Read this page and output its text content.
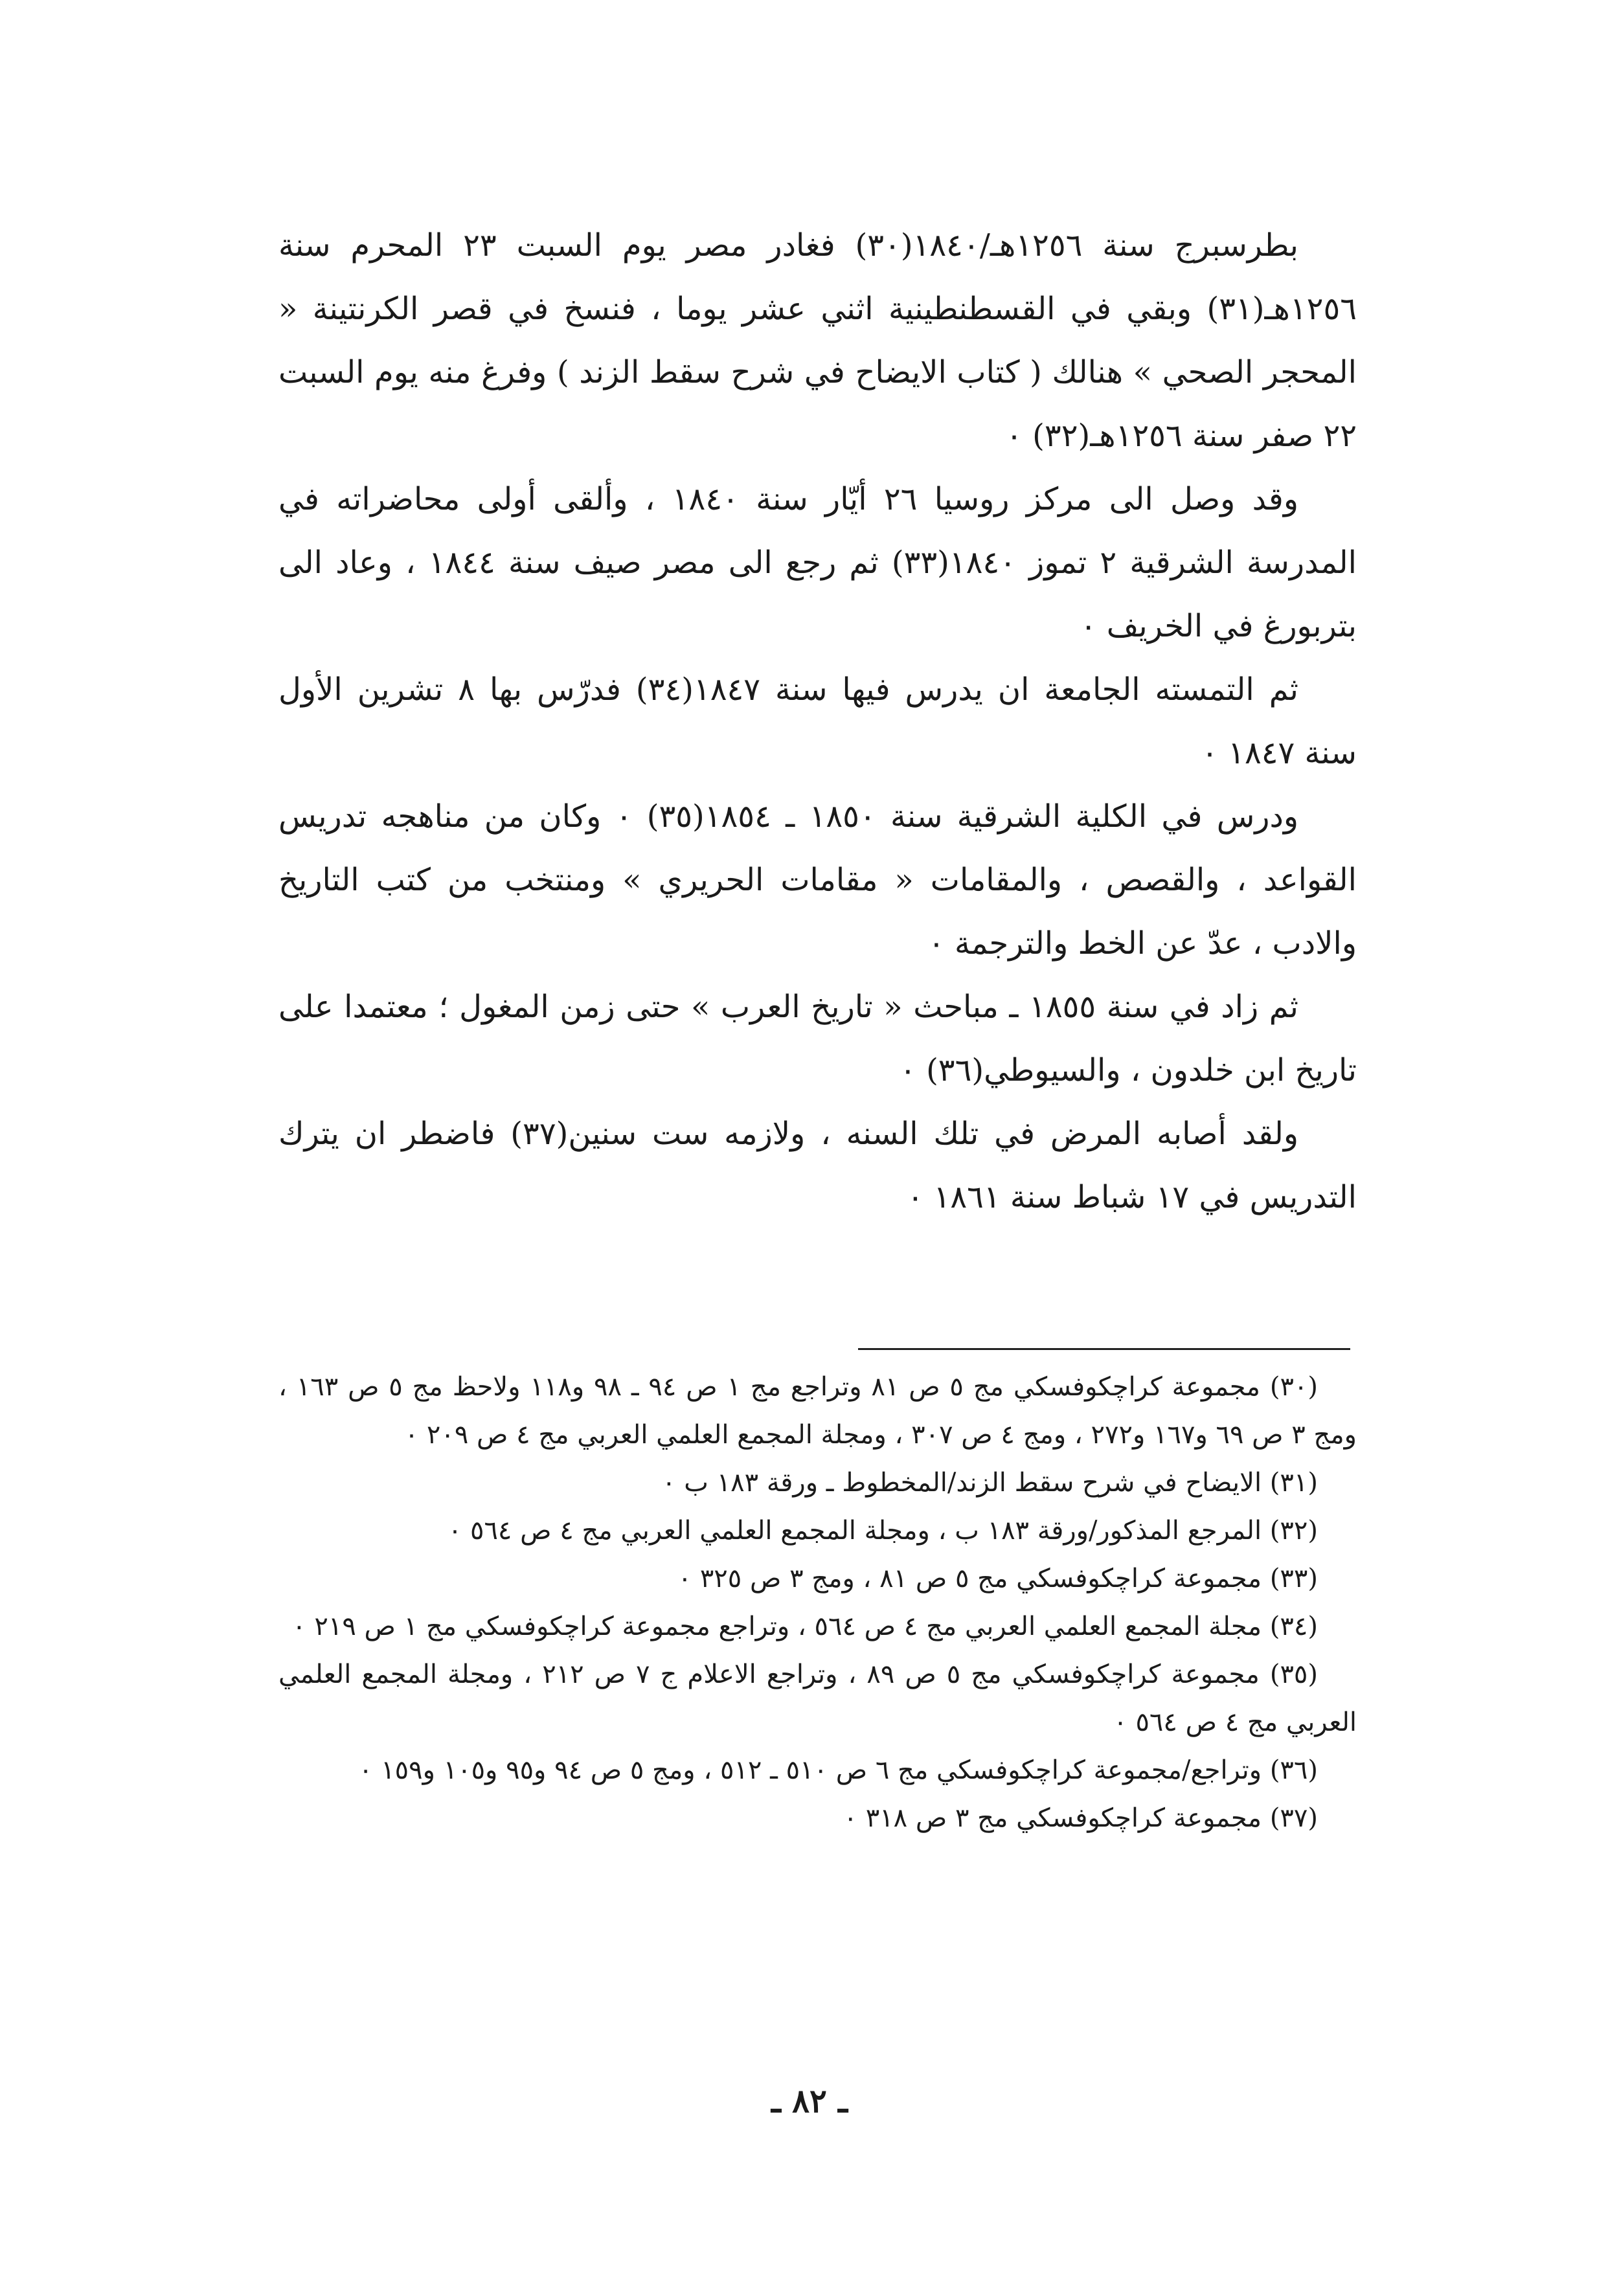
بطرسبرج سنة ١٢٥٦هـ/١٨٤٠(٣٠) فغادر مصر يوم السبت ٢٣ المحرم سنة ١٢٥٦هـ(٣١) وبقي في القسطنطينية اثني عشر يوما ، فنسخ في قصر الكرنتينة « المحجر الصحي » هنالك ( كتاب الايضاح في شرح سقط الزند ) وفرغ منه يوم السبت ٢٢ صفر سنة ١٢٥٦هـ(٣٢) ٠

وقد وصل الى مركز روسيا ٢٦ أيّار سنة ١٨٤٠ ، وألقى أولى محاضراته في المدرسة الشرقية ٢ تموز ١٨٤٠(٣٣) ثم رجع الى مصر صيف سنة ١٨٤٤ ، وعاد الى بتربورغ في الخريف ٠

ثم التمسته الجامعة ان يدرس فيها سنة ١٨٤٧(٣٤) فدرّس بها ٨ تشرين الأول سنة ١٨٤٧ ٠

ودرس في الكلية الشرقية سنة ١٨٥٠ ـ ١٨٥٤(٣٥) ٠ وكان من مناهجه تدريس القواعد ، والقصص ، والمقامات « مقامات الحريري » ومنتخب من كتب التاريخ والادب ، عدّ عن الخط والترجمة ٠

ثم زاد في سنة ١٨٥٥ ـ مباحث « تاريخ العرب » حتى زمن المغول ؛ معتمدا على تاريخ ابن خلدون ، والسيوطي(٣٦) ٠

ولقد أصابه المرض في تلك السنه ، ولازمه ست سنين(٣٧) فاضطر ان يترك التدريس في ١٧ شباط سنة ١٨٦١ ٠

(٣٠) مجموعة كراچكوفسكي مج ٥ ص ٨١ وتراجع مج ١ ص ٩٤ ـ ٩٨ و١١٨ ولاحظ مج ٥ ص ١٦٣ ، ومج ٣ ص ٦٩ و١٦٧ و٢٧٢ ، ومج ٤ ص ٣٠٧ ، ومجلة المجمع العلمي العربي مج ٤ ص ٢٠٩ ٠

(٣١) الايضاح في شرح سقط الزند/المخطوط ـ ورقة ١٨٣ ب ٠

(٣٢) المرجع المذكور/ورقة ١٨٣ ب ، ومجلة المجمع العلمي العربي مج ٤ ص ٥٦٤ ٠

(٣٣) مجموعة كراچكوفسكي مج ٥ ص ٨١ ، ومج ٣ ص ٣٢٥ ٠

(٣٤) مجلة المجمع العلمي العربي مج ٤ ص ٥٦٤ ، وتراجع مجموعة كراچكوفسكي مج ١ ص ٢١٩ ٠

(٣٥) مجموعة كراچكوفسكي مج ٥ ص ٨٩ ، وتراجع الاعلام ج ٧ ص ٢١٢ ، ومجلة المجمع العلمي العربي مج ٤ ص ٥٦٤ ٠

(٣٦) وتراجع/مجموعة كراچكوفسكي مج ٦ ص ٥١٠ ـ ٥١٢ ، ومج ٥ ص ٩٤ و٩٥ و١٠٥ و١٥٩ ٠

(٣٧) مجموعة كراچكوفسكي مج ٣ ص ٣١٨ ٠

ـ ٨٢ ـ
